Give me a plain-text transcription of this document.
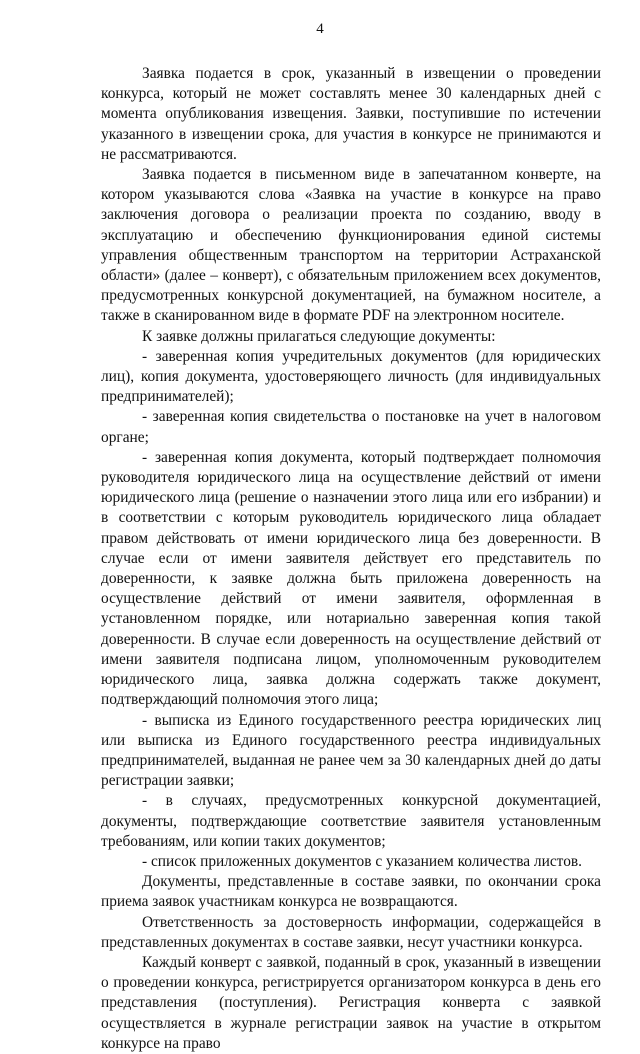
4

Заявка подается в срок, указанный в извещении о проведении конкурса, который не может составлять менее 30 календарных дней с момента опубликования извещения. Заявки, поступившие по истечении указанного в извещении срока, для участия в конкурсе не принимаются и не рассматриваются.

Заявка подается в письменном виде в запечатанном конверте, на котором указываются слова «Заявка на участие в конкурсе на право заключения договора о реализации проекта по созданию, вводу в эксплуатацию и обеспечению функционирования единой системы управления общественным транспортом на территории Астраханской области» (далее – конверт), с обязательным приложением всех документов, предусмотренных конкурсной документацией, на бумажном носителе, а также в сканированном виде в формате PDF на электронном носителе.

К заявке должны прилагаться следующие документы:

- заверенная копия учредительных документов (для юридических лиц), копия документа, удостоверяющего личность (для индивидуальных предпринимателей);

- заверенная копия свидетельства о постановке на учет в налоговом органе;

- заверенная копия документа, который подтверждает полномочия руководителя юридического лица на осуществление действий от имени юридического лица (решение о назначении этого лица или его избрании) и в соответствии с которым руководитель юридического лица обладает правом действовать от имени юридического лица без доверенности. В случае если от имени заявителя действует его представитель по доверенности, к заявке должна быть приложена доверенность на осуществление действий от имени заявителя, оформленная в установленном порядке, или нотариально заверенная копия такой доверенности. В случае если доверенность на осуществление действий от имени заявителя подписана лицом, уполномоченным руководителем юридического лица, заявка должна содержать также документ, подтверждающий полномочия этого лица;

- выписка из Единого государственного реестра юридических лиц или выписка из Единого государственного реестра индивидуальных предпринимателей, выданная не ранее чем за 30 календарных дней до даты регистрации заявки;

- в случаях, предусмотренных конкурсной документацией, документы, подтверждающие соответствие заявителя установленным требованиям, или копии таких документов;

- список приложенных документов с указанием количества листов.

Документы, представленные в составе заявки, по окончании срока приема заявок участникам конкурса не возвращаются.

Ответственность за достоверность информации, содержащейся в представленных документах в составе заявки, несут участники конкурса.

Каждый конверт с заявкой, поданный в срок, указанный в извещении о проведении конкурса, регистрируется организатором конкурса в день его представления (поступления). Регистрация конверта с заявкой осуществляется в журнале регистрации заявок на участие в открытом конкурсе на право
